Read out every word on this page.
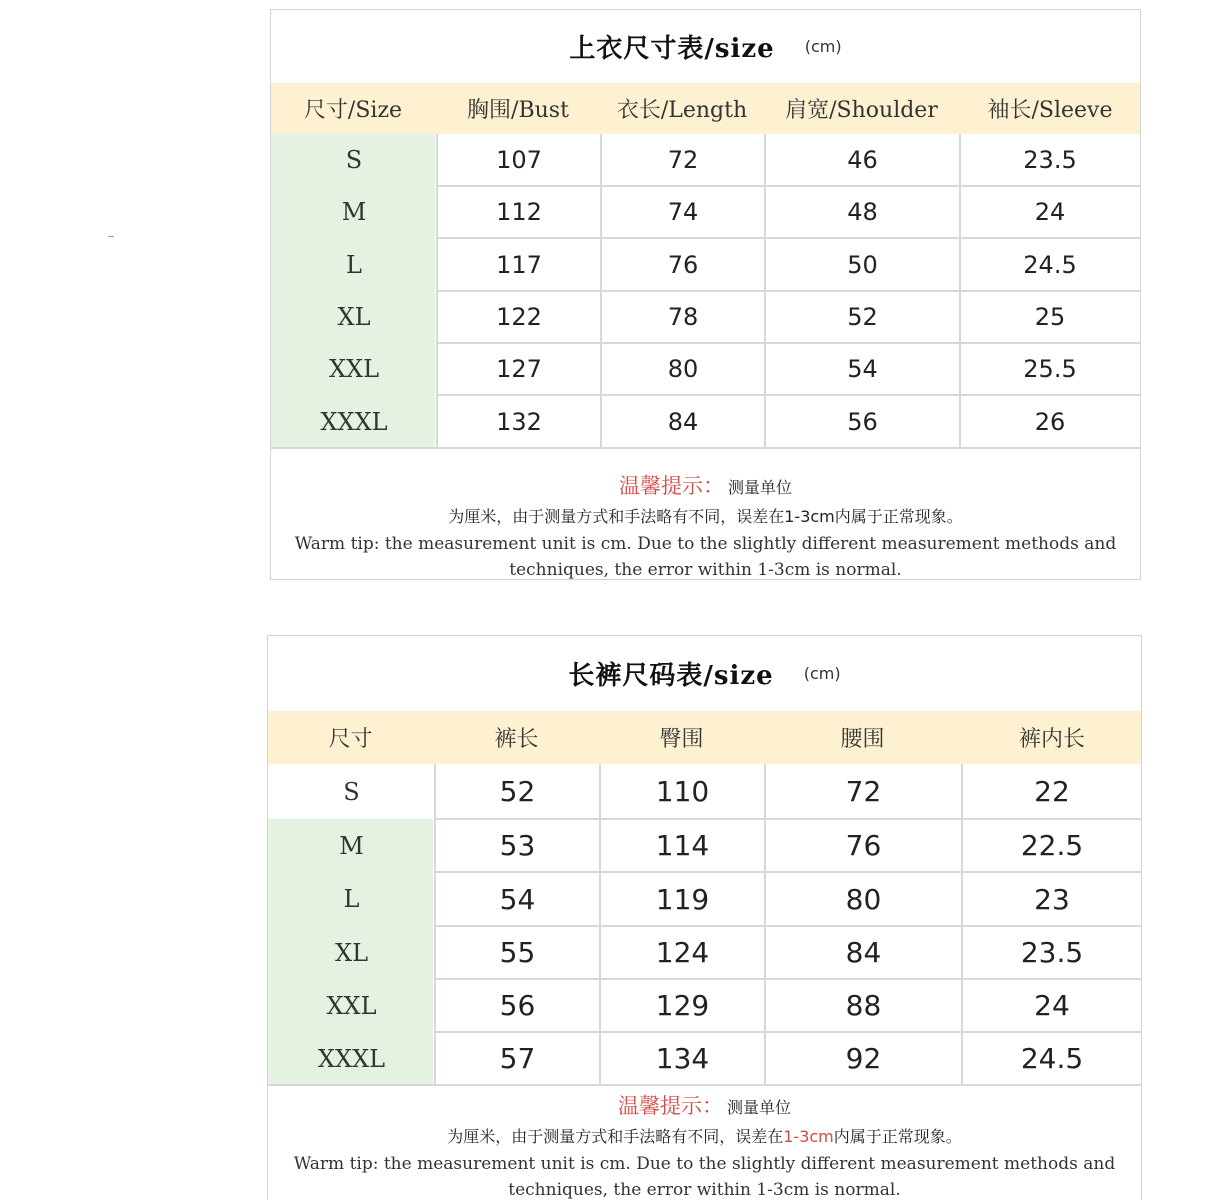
上衣尺寸表/size (cm)
尺寸/Size	胸围/Bust	衣长/Length	肩宽/Shoulder	袖长/Sleeve
S	107	72	46	23.5
M	112	74	48	24
L	117	76	50	24.5
XL	122	78	52	25
XXL	127	80	54	25.5
XXXL	132	84	56	26
温馨提示： 测量单位
为厘米，由于测量方式和手法略有不同，误差在1-3cm内属于正常现象。
Warm tip: the measurement unit is cm. Due to the slightly different measurement methods and techniques, the error within 1-3cm is normal.
长裤尺码表/size (cm)
尺寸	裤长	臀围	腰围	裤内长
S	52	110	72	22
M	53	114	76	22.5
L	54	119	80	23
XL	55	124	84	23.5
XXL	56	129	88	24
XXXL	57	134	92	24.5
温馨提示： 测量单位
为厘米，由于测量方式和手法略有不同，误差在1-3cm内属于正常现象。
Warm tip: the measurement unit is cm. Due to the slightly different measurement methods and techniques, the error within 1-3cm is normal.
